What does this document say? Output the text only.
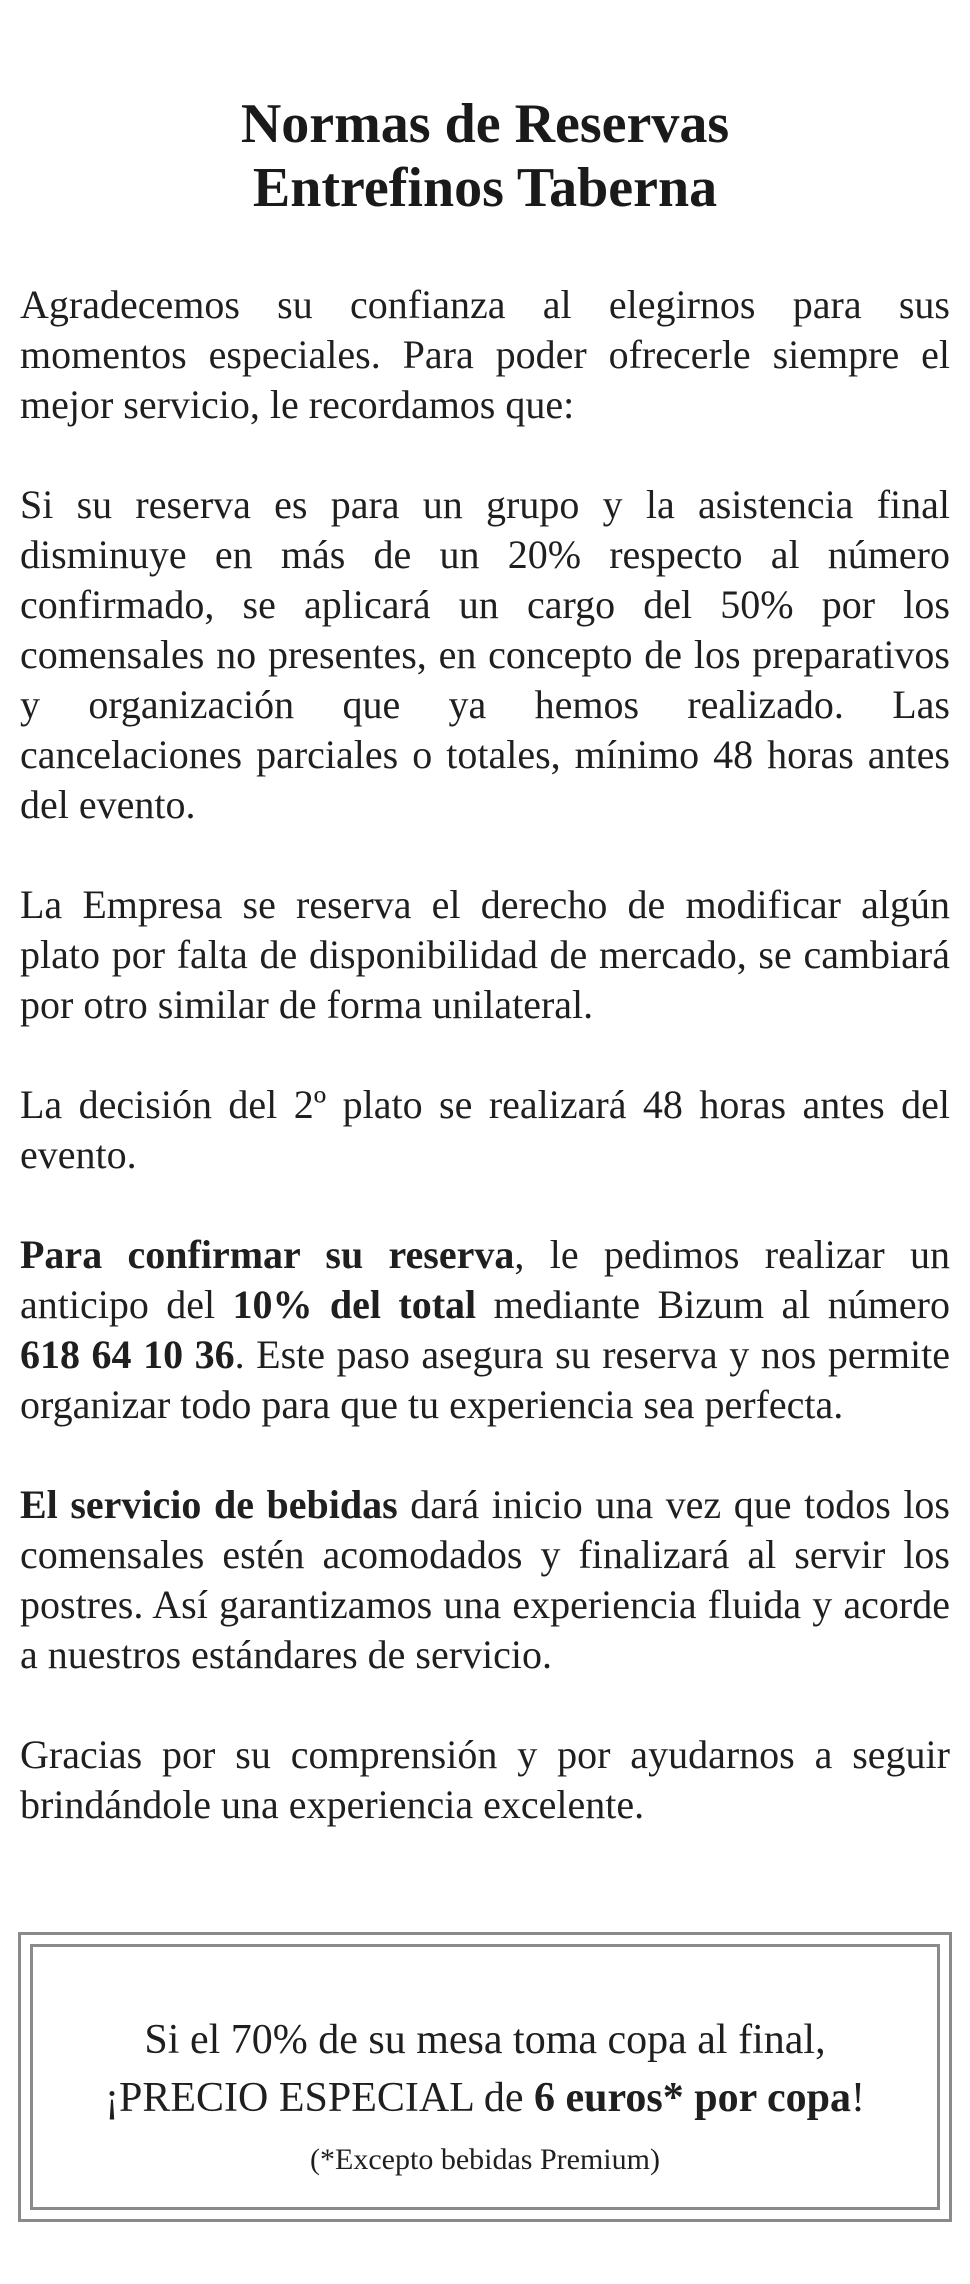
Normas de Reservas
Entrefinos Taberna

Agradecemos su confianza al elegirnos para sus momentos especiales. Para poder ofrecerle siempre el mejor servicio, le recordamos que:

Si su reserva es para un grupo y la asistencia final disminuye en más de un 20% respecto al número confirmado, se aplicará un cargo del 50% por los comensales no presentes, en concepto de los preparativos y organización que ya hemos realizado. Las cancelaciones parciales o totales, mínimo 48 horas antes del evento.

La Empresa se reserva el derecho de modificar algún plato por falta de disponibilidad de mercado, se cambiará por otro similar de forma unilateral.

La decisión del 2º plato se realizará 48 horas antes del evento.

Para confirmar su reserva, le pedimos realizar un anticipo del 10% del total mediante Bizum al número 618 64 10 36. Este paso asegura su reserva y nos permite organizar todo para que tu experiencia sea perfecta.

El servicio de bebidas dará inicio una vez que todos los comensales estén acomodados y finalizará al servir los postres. Así garantizamos una experiencia fluida y acorde a nuestros estándares de servicio.

Gracias por su comprensión y por ayudarnos a seguir brindándole una experiencia excelente.

Si el 70% de su mesa toma copa al final,
¡PRECIO ESPECIAL de 6 euros* por copa!
(*Excepto bebidas Premium)
